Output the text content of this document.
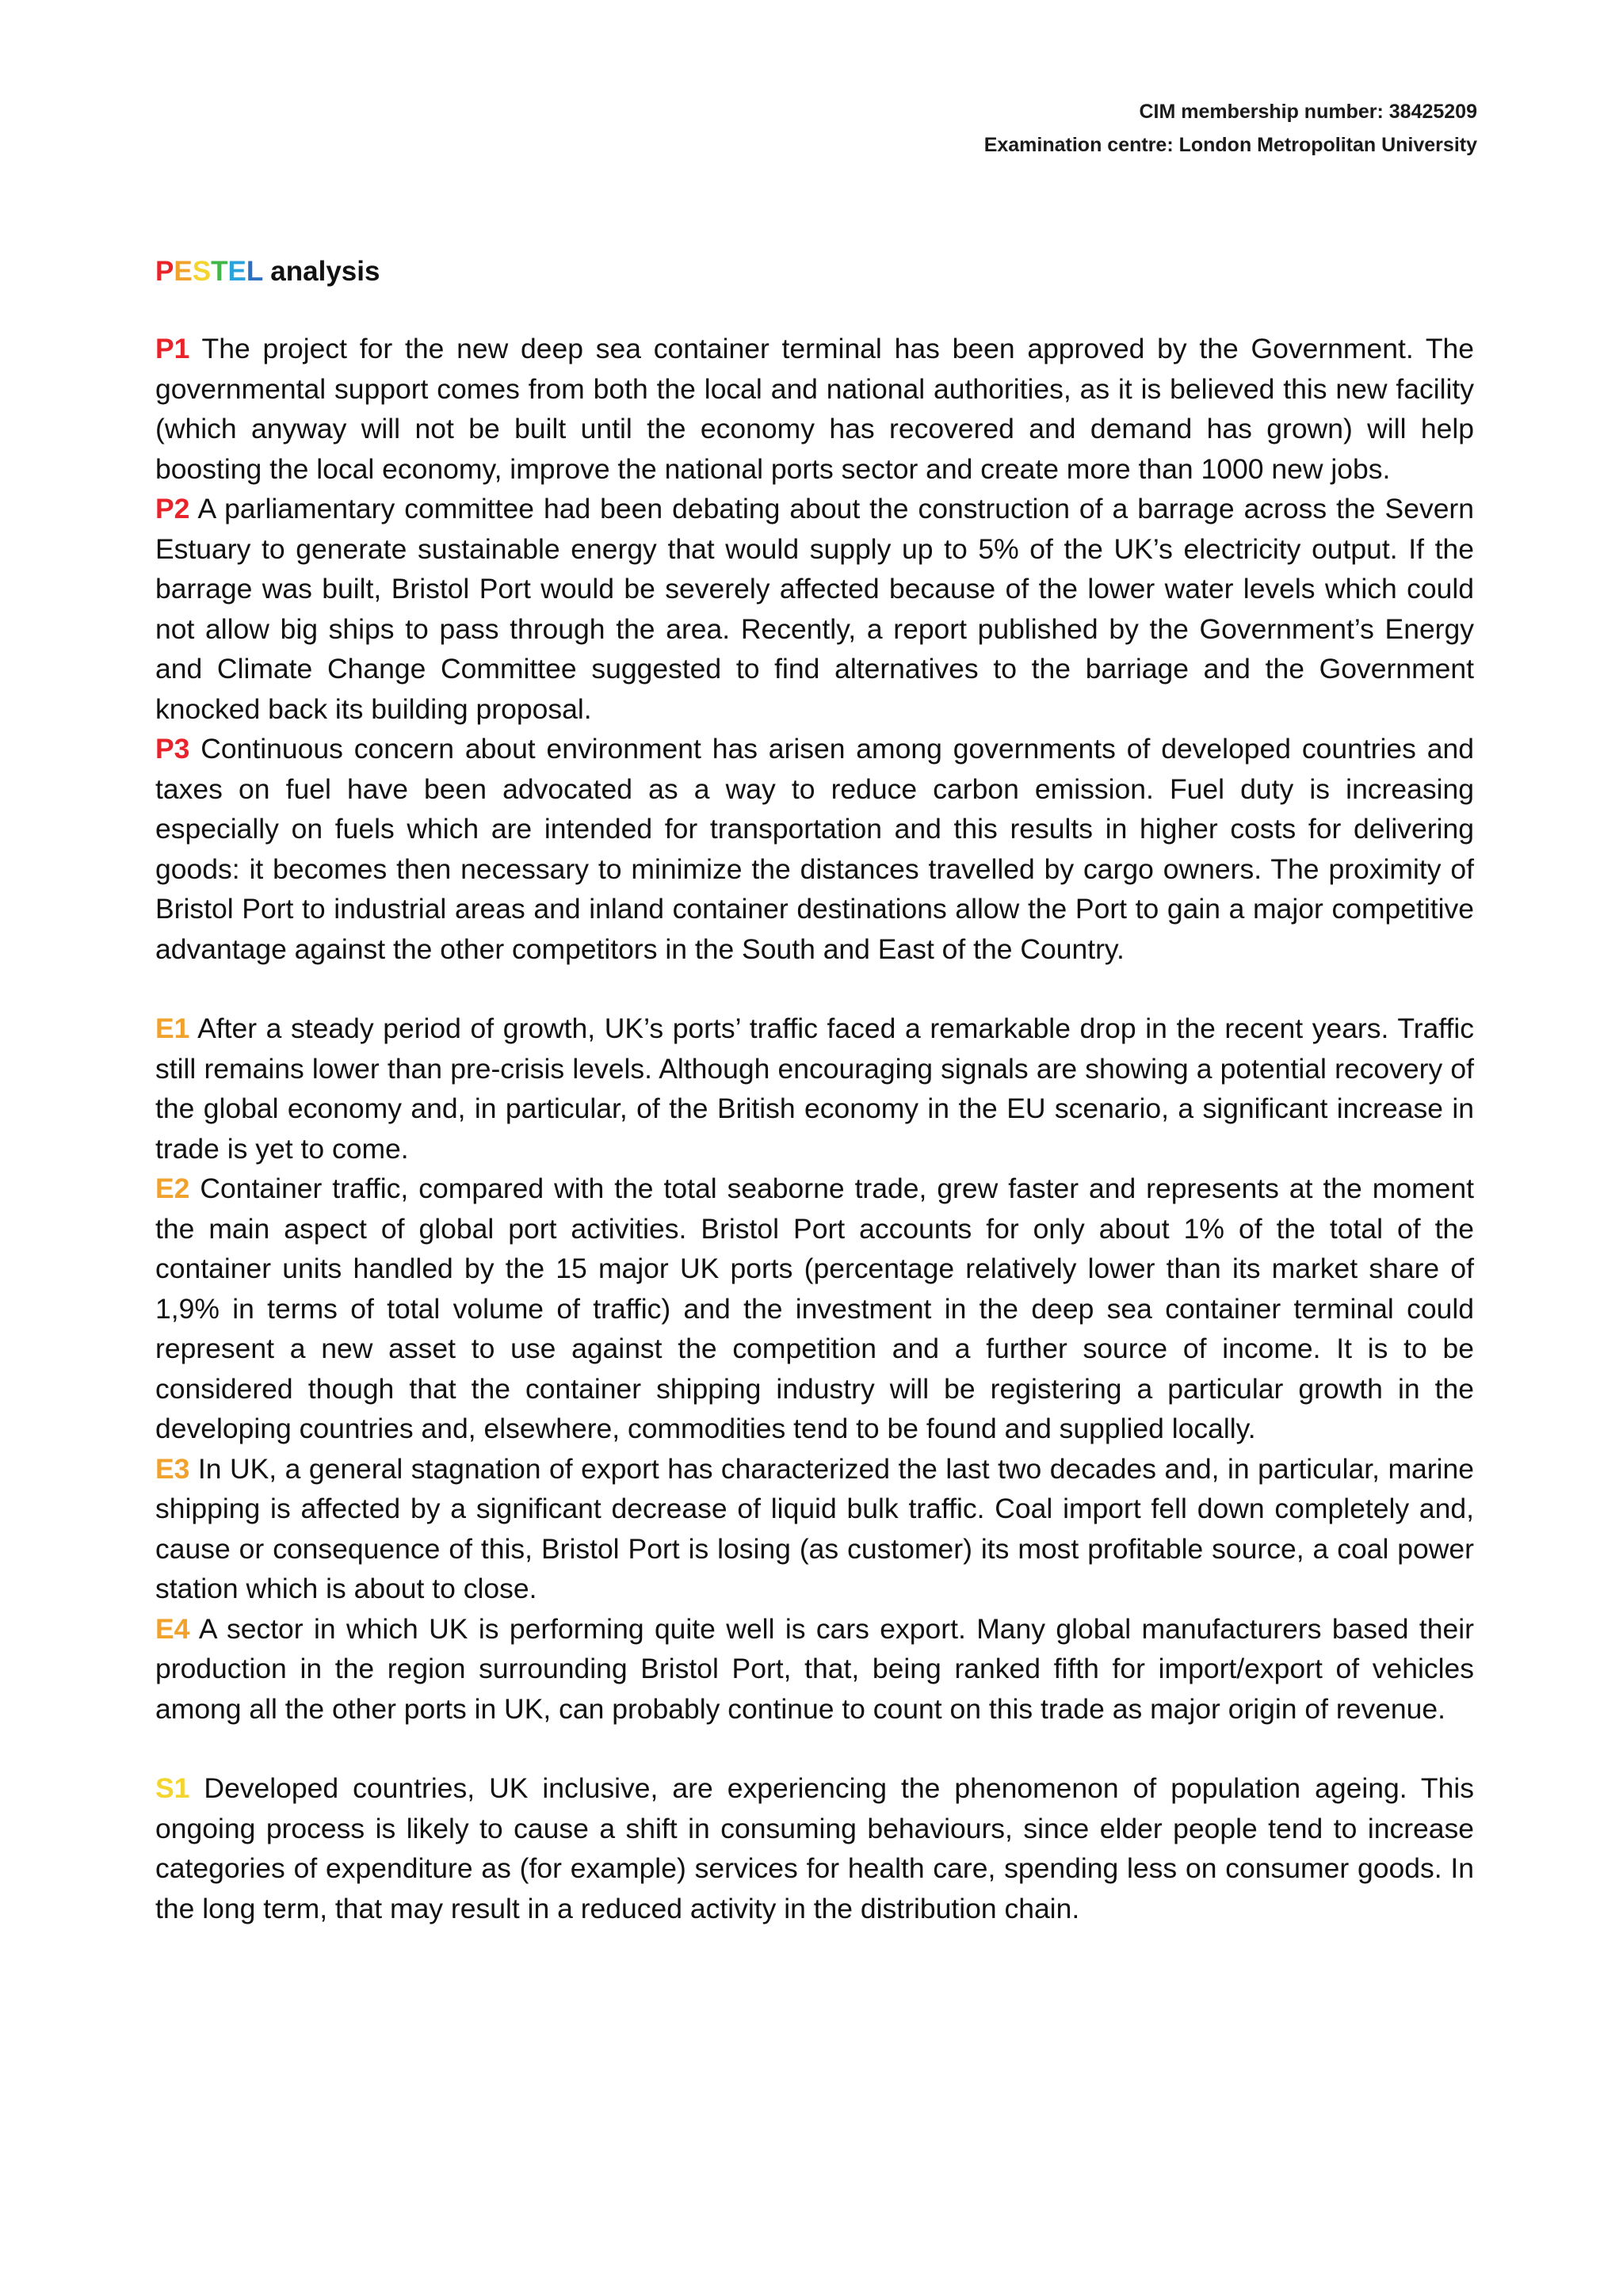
CIM membership number: 38425209
Examination centre: London Metropolitan University
PESTEL analysis

P1 The project for the new deep sea container terminal has been approved by the Government. The governmental support comes from both the local and national authorities, as it is believed this new facility (which anyway will not be built until the economy has recovered and demand has grown) will help boosting the local economy, improve the national ports sector and create more than 1000 new jobs.

P2 A parliamentary committee had been debating about the construction of a barrage across the Severn Estuary to generate sustainable energy that would supply up to 5% of the UK’s electricity output. If the barrage was built, Bristol Port would be severely affected because of the lower water levels which could not allow big ships to pass through the area. Recently, a report published by the Government’s Energy and Climate Change Committee suggested to find alternatives to the barriage and the Government knocked back its building proposal.

P3 Continuous concern about environment has arisen among governments of developed countries and taxes on fuel have been advocated as a way to reduce carbon emission. Fuel duty is increasing especially on fuels which are intended for transportation and this results in higher costs for delivering goods: it becomes then necessary to minimize the distances travelled by cargo owners. The proximity of Bristol Port to industrial areas and inland container destinations allow the Port to gain a major competitive advantage against the other competitors in the South and East of the Country.

E1 After a steady period of growth, UK’s ports’ traffic faced a remarkable drop in the recent years. Traffic still remains lower than pre-crisis levels. Although encouraging signals are showing a potential recovery of the global economy and, in particular, of the British economy in the EU scenario, a significant increase in trade is yet to come.

E2 Container traffic, compared with the total seaborne trade, grew faster and represents at the moment the main aspect of global port activities. Bristol Port accounts for only about 1% of the total of the container units handled by the 15 major UK ports (percentage relatively lower than its market share of 1,9% in terms of total volume of traffic) and the investment in the deep sea container terminal could represent a new asset to use against the competition and a further source of income. It is to be considered though that the container shipping industry will be registering a particular growth in the developing countries and, elsewhere, commodities tend to be found and supplied locally.

E3 In UK, a general stagnation of export has characterized the last two decades and, in particular, marine shipping is affected by a significant decrease of liquid bulk traffic. Coal import fell down completely and, cause or consequence of this, Bristol Port is losing (as customer) its most profitable source, a coal power station which is about to close.

E4 A sector in which UK is performing quite well is cars export. Many global manufacturers based their production in the region surrounding Bristol Port, that, being ranked fifth for import/export of vehicles among all the other ports in UK, can probably continue to count on this trade as major origin of revenue.

S1 Developed countries, UK inclusive, are experiencing the phenomenon of population ageing. This ongoing process is likely to cause a shift in consuming behaviours, since elder people tend to increase categories of expenditure as (for example) services for health care, spending less on consumer goods. In the long term, that may result in a reduced activity in the distribution chain.
